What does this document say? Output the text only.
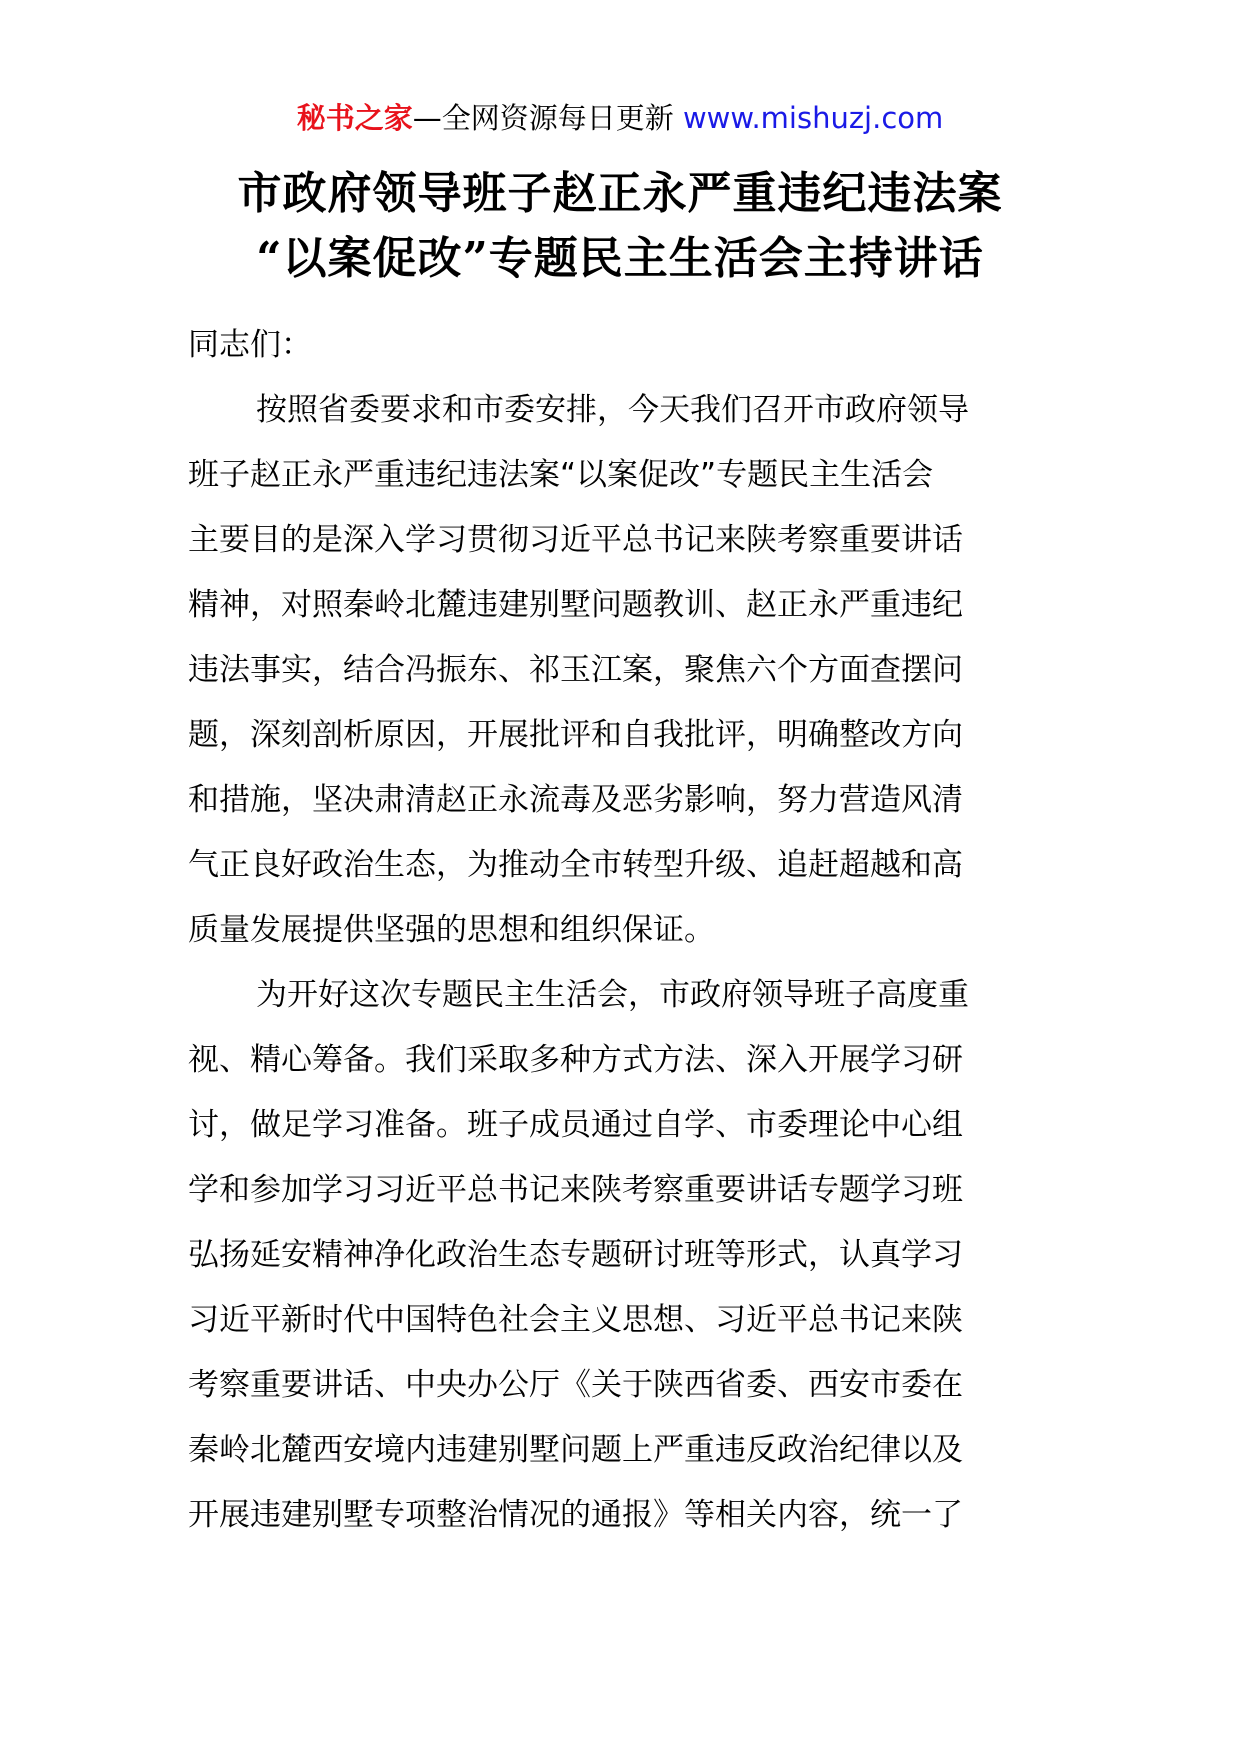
秘书之家—全网资源每日更新 www.mishuzj.com
市政府领导班子赵正永严重违纪违法案
“以案促改”专题民主生活会主持讲话
同志们：
按照省委要求和市委安排，今天我们召开市政府领导
班子赵正永严重违纪违法案“以案促改”专题民主生活会
主要目的是深入学习贯彻习近平总书记来陕考察重要讲话
精神，对照秦岭北麓违建别墅问题教训、赵正永严重违纪
违法事实，结合冯振东、祁玉江案，聚焦六个方面查摆问
题，深刻剖析原因，开展批评和自我批评，明确整改方向
和措施，坚决肃清赵正永流毒及恶劣影响，努力营造风清
气正良好政治生态，为推动全市转型升级、追赶超越和高
质量发展提供坚强的思想和组织保证。
为开好这次专题民主生活会，市政府领导班子高度重
视、精心筹备。我们采取多种方式方法、深入开展学习研
讨，做足学习准备。班子成员通过自学、市委理论中心组
学和参加学习习近平总书记来陕考察重要讲话专题学习班
弘扬延安精神净化政治生态专题研讨班等形式，认真学习
习近平新时代中国特色社会主义思想、习近平总书记来陕
考察重要讲话、中央办公厅《关于陕西省委、西安市委在
秦岭北麓西安境内违建别墅问题上严重违反政治纪律以及
开展违建别墅专项整治情况的通报》等相关内容，统一了
